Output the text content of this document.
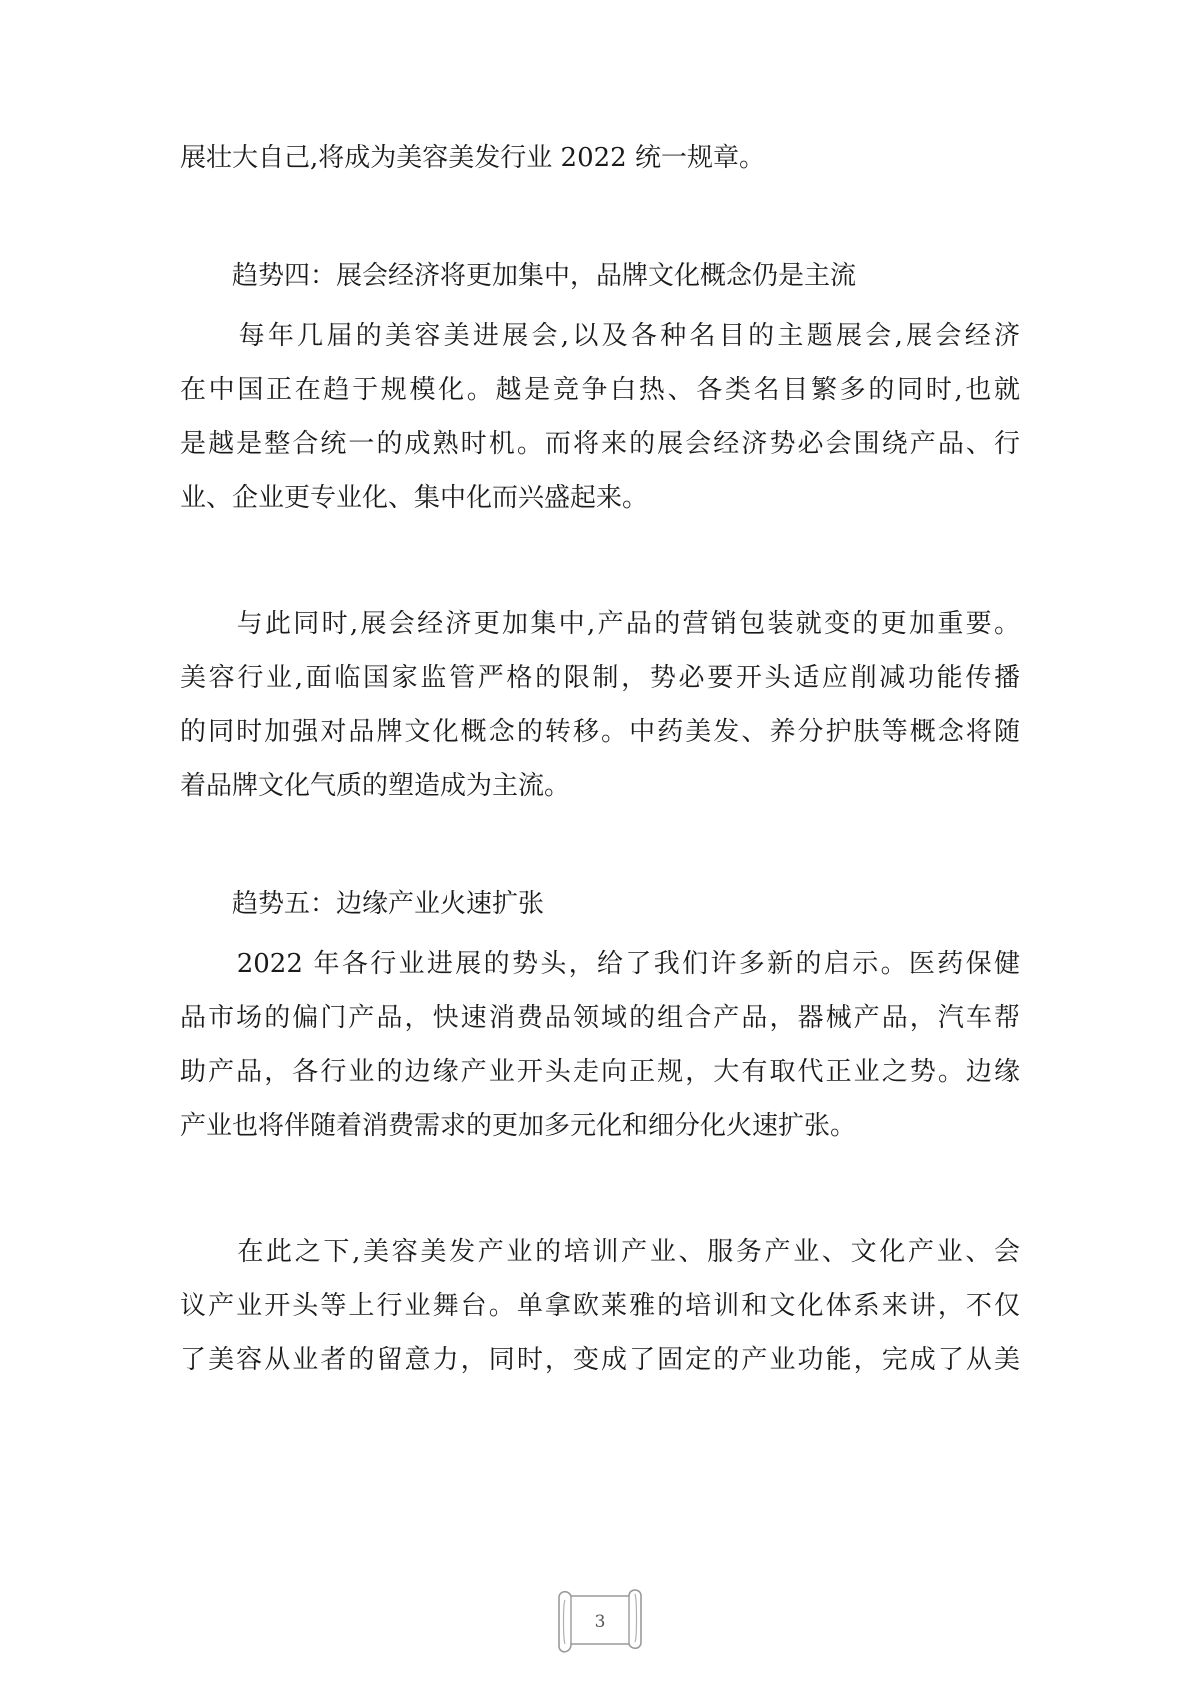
展壮大自己,将成为美容美发行业 2022 统一规章。
　　趋势四：展会经济将更加集中，品牌文化概念仍是主流
　　每年几届的美容美进展会,以及各种名目的主题展会,展会经济
在中国正在趋于规模化。越是竞争白热、各类名目繁多的同时,也就
是越是整合统一的成熟时机。而将来的展会经济势必会围绕产品、行
业、企业更专业化、集中化而兴盛起来。
　　与此同时,展会经济更加集中,产品的营销包装就变的更加重要。
美容行业,面临国家监管严格的限制，势必要开头适应削减功能传播
的同时加强对品牌文化概念的转移。中药美发、养分护肤等概念将随
着品牌文化气质的塑造成为主流。
　　趋势五：边缘产业火速扩张
　　2022 年各行业进展的势头，给了我们许多新的启示。医药保健
品市场的偏门产品，快速消费品领域的组合产品，器械产品，汽车帮
助产品，各行业的边缘产业开头走向正规，大有取代正业之势。边缘
产业也将伴随着消费需求的更加多元化和细分化火速扩张。
　　在此之下,美容美发产业的培训产业、服务产业、文化产业、会
议产业开头等上行业舞台。单拿欧莱雅的培训和文化体系来讲，不仅
了美容从业者的留意力，同时，变成了固定的产业功能，完成了从美
3
